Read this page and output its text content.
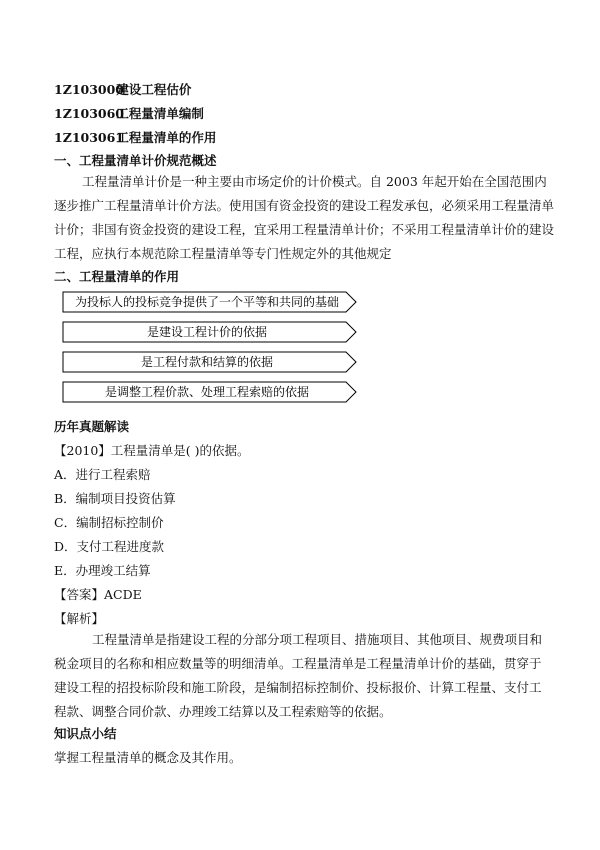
1Z103000 建设工程估价
1Z103060 工程量清单编制
1Z103061 工程量清单的作用
一、工程量清单计价规范概述

工程量清单计价是一种主要由市场定价的计价模式。自 2003 年起开始在全国范围内逐步推广工程量清单计价方法。使用国有资金投资的建设工程发承包，必须采用工程量清单计价；非国有资金投资的建设工程，宜采用工程量清单计价；不采用工程量清单计价的建设工程，应执行本规范除工程量清单等专门性规定外的其他规定

二、工程量清单的作用
为投标人的投标竞争提供了一个平等和共同的基础
是建设工程计价的依据
是工程付款和结算的依据
是调整工程价款、处理工程索赔的依据
历年真题解读
【2010】工程量清单是( )的依据。
A．进行工程索赔
B．编制项目投资估算
C．编制招标控制价
D．支付工程进度款
E．办理竣工结算
【答案】ACDE
【解析】

工程量清单是指建设工程的分部分项工程项目、措施项目、其他项目、规费项目和税金项目的名称和相应数量等的明细清单。工程量清单是工程量清单计价的基础，贯穿于建设工程的招投标阶段和施工阶段，是编制招标控制价、投标报价、计算工程量、支付工程款、调整合同价款、办理竣工结算以及工程索赔等的依据。

知识点小结
掌握工程量清单的概念及其作用。
